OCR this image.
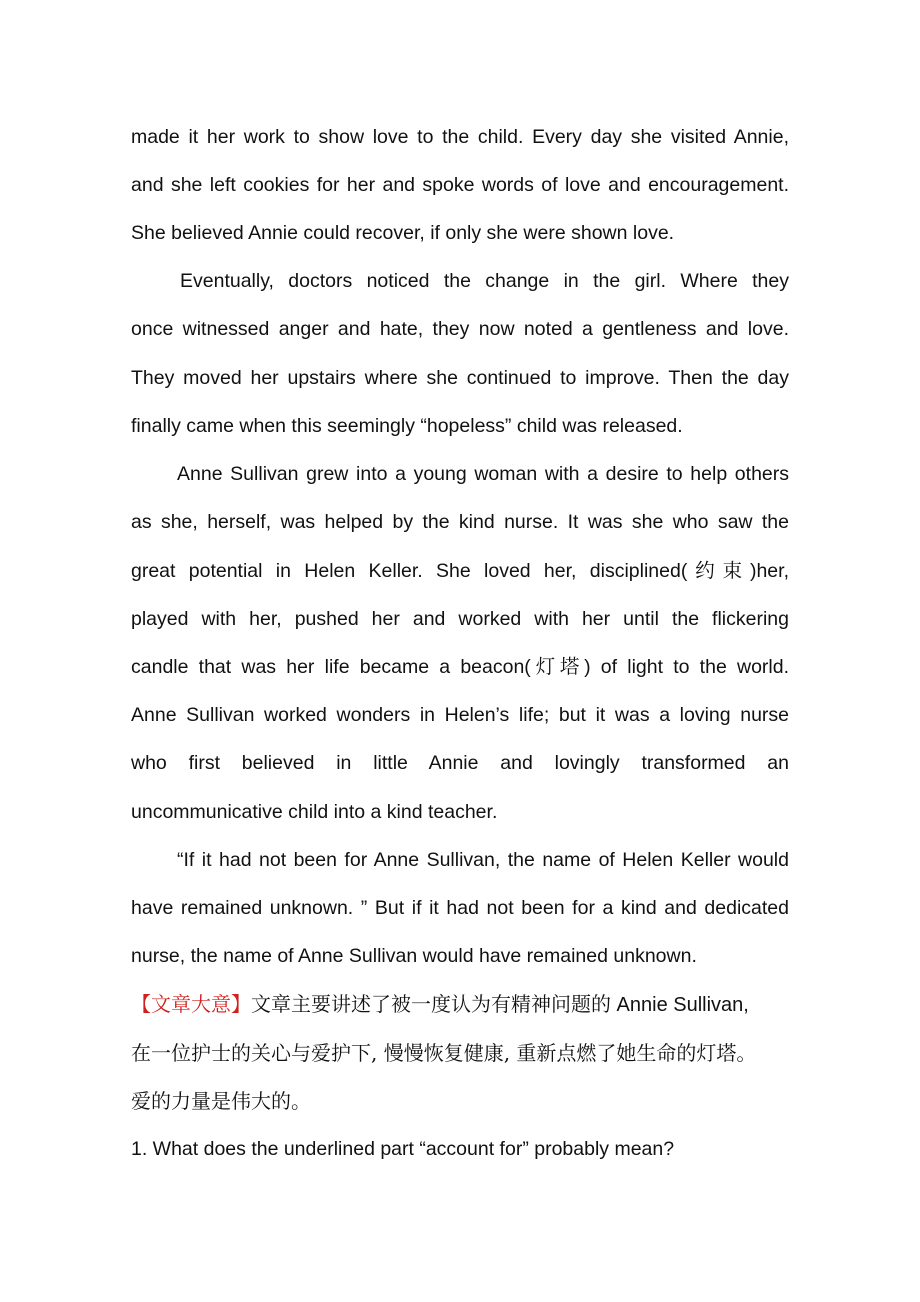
made it her work to show love to the child. Every day she visited Annie,
and she left cookies for her and spoke words of love and encouragement.
She believed Annie could recover, if only she were shown love.
Eventually, doctors noticed the change in the girl. Where they
once witnessed anger and hate, they now noted a gentleness and love.
They moved her upstairs where she continued to improve. Then the day
finally came when this seemingly “hopeless” child was released.
Anne Sullivan grew into a young woman with a desire to help others
as she, herself, was helped by the kind nurse. It was she who saw the
great potential in Helen Keller. She loved her, disciplined(约束)her,
played with her, pushed her and worked with her until the flickering
candle that was her life became a beacon(灯塔) of light to the world.
Anne Sullivan worked wonders in Helen’s life; but it was a loving nurse
who first believed in little Annie and lovingly transformed an
uncommunicative child into a kind teacher.
“If it had not been for Anne Sullivan, the name of Helen Keller would
have remained unknown. ” But if it had not been for a kind and dedicated
nurse, the name of Anne Sullivan would have remained unknown.
【文章大意】文章主要讲述了被一度认为有精神问题的 Annie Sullivan,
在一位护士的关心与爱护下, 慢慢恢复健康, 重新点燃了她生命的灯塔。
爱的力量是伟大的。
1. What does the underlined part “account for” probably mean?
